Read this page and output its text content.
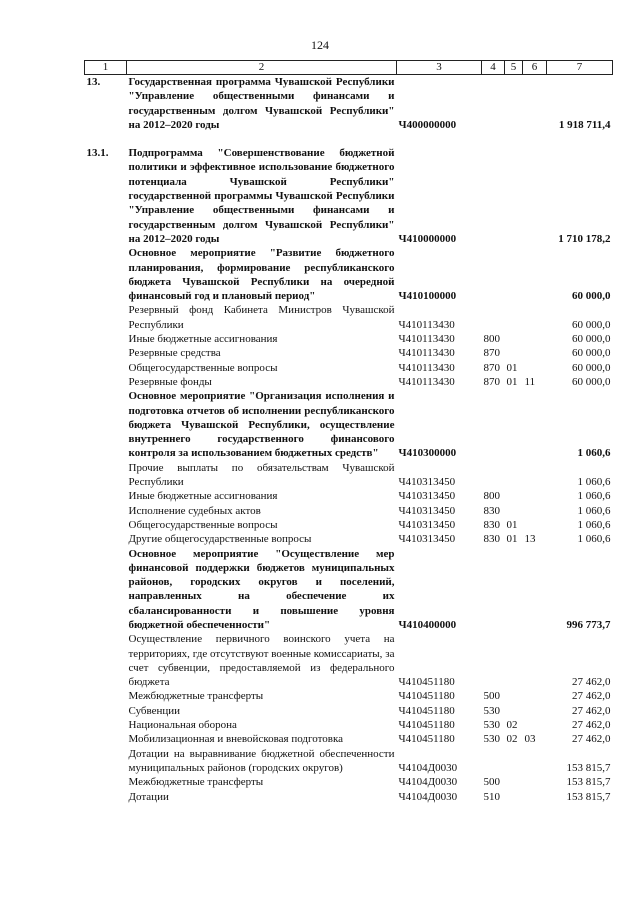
124
1	2	3	4	5	6	7
13.	Государственная программа Чувашской Республики "Управление общественными финансами и государственным долгом Чувашской Республики" на 2012–2020 годы	Ч400000000				1 918 711,4

13.1.	Подпрограмма "Совершенствование бюджетной политики и эффективное использование бюджетного потенциала Чувашской Республики" государственной программы Чувашской Республики "Управление общественными финансами и государственным долгом Чувашской Республики" на 2012–2020 годы	Ч410000000				1 710 178,2
	Основное мероприятие "Развитие бюджетного планирования, формирование республиканского бюджета Чувашской Республики на очередной финансовый год и плановый период"	Ч410100000				60 000,0
	Резервный фонд Кабинета Министров Чувашской Республики	Ч410113430				60 000,0
	Иные бюджетные ассигнования	Ч410113430	800			60 000,0
	Резервные средства	Ч410113430	870			60 000,0
	Общегосударственные вопросы	Ч410113430	870	01		60 000,0
	Резервные фонды	Ч410113430	870	01	11	60 000,0
	Основное мероприятие "Организация исполнения и подготовка отчетов об исполнении республиканского бюджета Чувашской Республики, осуществление внутреннего государственного финансового контроля за использованием бюджетных средств"	Ч410300000				1 060,6
	Прочие выплаты по обязательствам Чувашской Республики	Ч410313450				1 060,6
	Иные бюджетные ассигнования	Ч410313450	800			1 060,6
	Исполнение судебных актов	Ч410313450	830			1 060,6
	Общегосударственные вопросы	Ч410313450	830	01		1 060,6
	Другие общегосударственные вопросы	Ч410313450	830	01	13	1 060,6
	Основное мероприятие "Осуществление мер финансовой поддержки бюджетов муниципальных районов, городских округов и поселений, направленных на обеспечение их сбалансированности и повышение уровня бюджетной обеспеченности"	Ч410400000				996 773,7
	Осуществление первичного воинского учета на территориях, где отсутствуют военные комиссариаты, за счет субвенции, предоставляемой из федерального бюджета	Ч410451180				27 462,0
	Межбюджетные трансферты	Ч410451180	500			27 462,0
	Субвенции	Ч410451180	530			27 462,0
	Национальная оборона	Ч410451180	530	02		27 462,0
	Мобилизационная и вневойсковая подготовка	Ч410451180	530	02	03	27 462,0
	Дотации на выравнивание бюджетной обеспеченности муниципальных районов (городских округов)	Ч4104Д0030				153 815,7
	Межбюджетные трансферты	Ч4104Д0030	500			153 815,7
	Дотации	Ч4104Д0030	510			153 815,7
